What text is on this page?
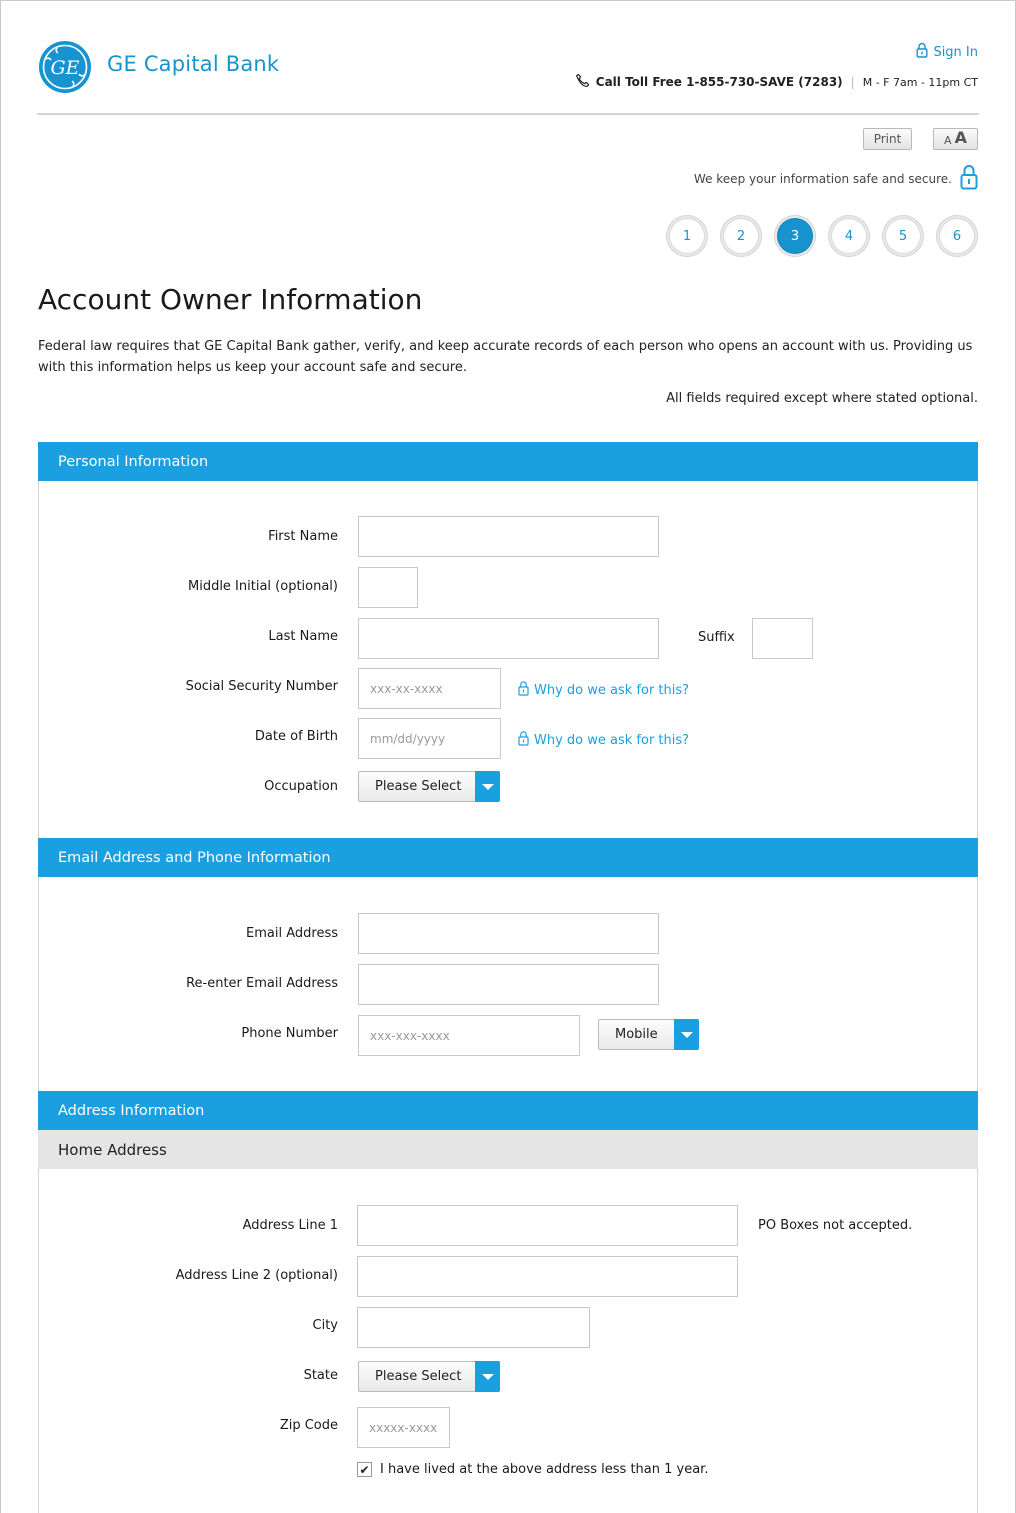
GE GE Capital Bank	Sign In
Call Toll Free 1-855-730-SAVE (7283) | M - F 7am - 11pm CT
Print	A A
We keep your information safe and secure.
1	2	3	4	5	6
Account Owner Information

Federal law requires that GE Capital Bank gather, verify, and keep accurate records of each person who opens an account with us. Providing us with this information helps us keep your account safe and secure.

All fields required except where stated optional.
Personal Information
First Name
Middle Initial (optional)
Last Name	Suffix
Social Security Number	xxx-xx-xxxx	Why do we ask for this?
Date of Birth	mm/dd/yyyy	Why do we ask for this?
Occupation	Please Select
Email Address and Phone Information
Email Address
Re-enter Email Address
Phone Number	xxx-xxx-xxxx	Mobile
Address Information
Home Address
Address Line 1	PO Boxes not accepted.
Address Line 2 (optional)
City
State	Please Select
Zip Code	xxxxx-xxxx
✔ I have lived at the above address less than 1 year.
